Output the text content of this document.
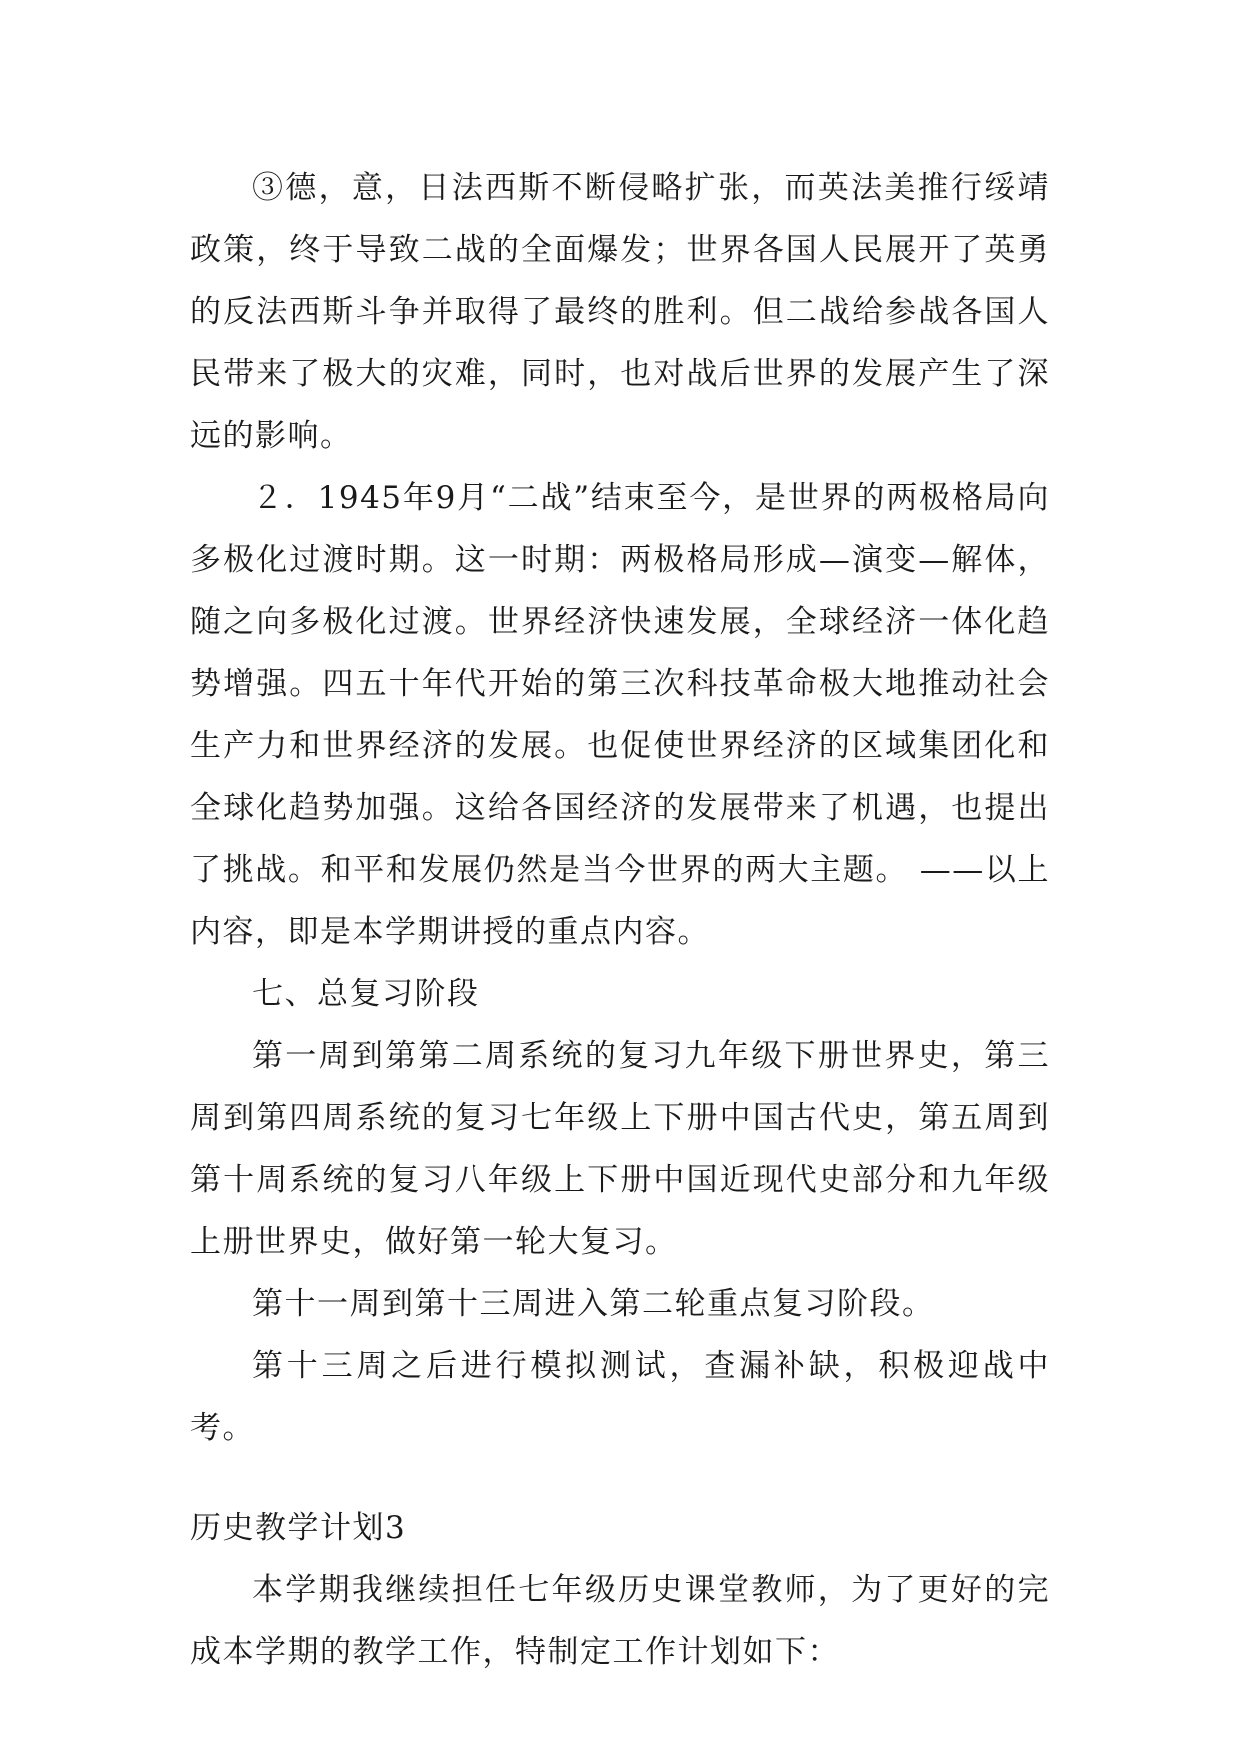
③德，意，日法西斯不断侵略扩张，而英法美推行绥靖政策，终于导致二战的全面爆发；世界各国人民展开了英勇的反法西斯斗争并取得了最终的胜利。但二战给参战各国人民带来了极大的灾难，同时，也对战后世界的发展产生了深远的影响。

２．1945年9月“二战”结束至今，是世界的两极格局向多极化过渡时期。这一时期：两极格局形成—演变—解体，随之向多极化过渡。世界经济快速发展，全球经济一体化趋势增强。四五十年代开始的第三次科技革命极大地推动社会生产力和世界经济的发展。也促使世界经济的区域集团化和全球化趋势加强。这给各国经济的发展带来了机遇，也提出了挑战。和平和发展仍然是当今世界的两大主题。 ——以上内容，即是本学期讲授的重点内容。

七、总复习阶段

第一周到第第二周系统的复习九年级下册世界史，第三周到第四周系统的复习七年级上下册中国古代史，第五周到第十周系统的复习八年级上下册中国近现代史部分和九年级上册世界史，做好第一轮大复习。

第十一周到第十三周进入第二轮重点复习阶段。

第十三周之后进行模拟测试，查漏补缺，积极迎战中考。

历史教学计划3

本学期我继续担任七年级历史课堂教师，为了更好的完成本学期的教学工作，特制定工作计划如下：
